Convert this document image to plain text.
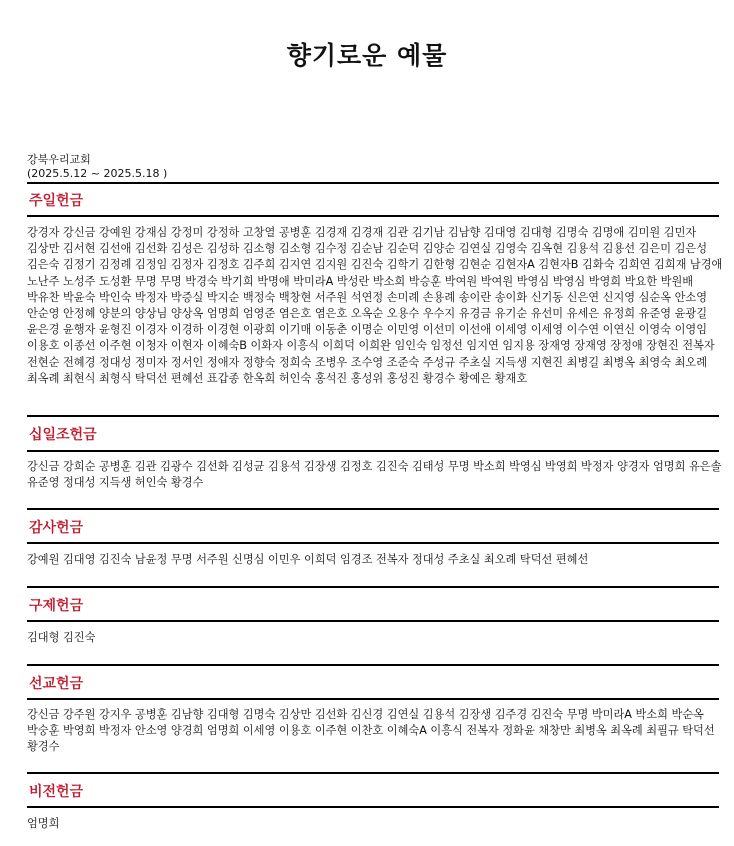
향기로운 예물
강북우리교회
(2025.5.12 ~ 2025.5.18 )
주일헌금

강경자 강신금 강예원 강재심 강정미 강정하 고창열 공병훈 김경재 김경재 김관 김기남 김남향 김대영 김대형 김명숙 김명애 김미원 김민자 김상만 김서현 김선애 김선화 김성은 김성하 김소형 김소형 김수정 김순남 김순덕 김양순 김연실 김영숙 김옥현 김용석 김용선 김은미 김은성 김은숙 김정기 김정례 김정임 김정자 김정호 김주희 김지연 김지원 김진숙 김학기 김한형 김현순 김현자A 김현자B 김화숙 김희연 김희재 남경애 노난주 노성주 도성환 무명 무명 박경숙 박기희 박명애 박미라A 박성란 박소희 박승훈 박여원 박여원 박영심 박영심 박영희 박요한 박원배 박유찬 박윤숙 박인숙 박정자 박증실 박지순 백정숙 백창현 서주원 석연정 손미례 손용례 송이란 송이화 신기동 신은연 신지영 심순옥 안소영 안순영 안정혜 양분의 양상님 양상옥 엄명희 엄영준 염은호 염은호 오옥순 오용수 우수지 유경금 유기순 유선미 유세은 유정희 유준영 윤광길 윤은경 윤행자 윤형진 이경자 이경하 이경현 이광희 이기매 이동춘 이명순 이민영 이선미 이선애 이세영 이세영 이수연 이연신 이영숙 이영임 이용호 이종선 이주현 이청자 이현자 이혜숙B 이화자 이흥식 이희덕 이희완 임인숙 임정선 임지연 임지용 장재영 장재영 장정애 장현진 전복자 전현순 전혜경 정대성 정미자 정서인 정애자 정향숙 정희숙 조병우 조수영 조준숙 주성규 주초실 지득생 지현진 최병길 최병옥 최영숙 최오례 최옥례 최현식 최형식 탁덕선 편혜선 표갑종 한옥희 허인숙 홍석진 홍성위 홍성진 황경수 황예은 황재호

십일조헌금

강신금 강희순 공병훈 김관 김광수 김선화 김성균 김용석 김장생 김정호 김진숙 김태성 무명 박소희 박영심 박영희 박정자 양경자 엄명희 유은솔 유준영 정대성 지득생 허인숙 황경수

감사헌금

강예원 김대영 김진숙 남윤정 무명 서주원 신명심 이민우 이희덕 임경조 전복자 정대성 주초실 최오례 탁덕선 편혜선

구제헌금

김대형 김진숙

선교헌금

강신금 강주원 강지우 공병훈 김남향 김대형 김명숙 김상만 김선화 김신경 김연실 김용석 김장생 김주경 김진숙 무명 박미라A 박소희 박순옥 박숭훈 박영희 박정자 안소영 양경희 엄명희 이세영 이용호 이주현 이찬호 이혜숙A 이흥식 전복자 정화윤 채창만 최병옥 최옥례 최필규 탁덕선 황경수

비전헌금

엄명희
